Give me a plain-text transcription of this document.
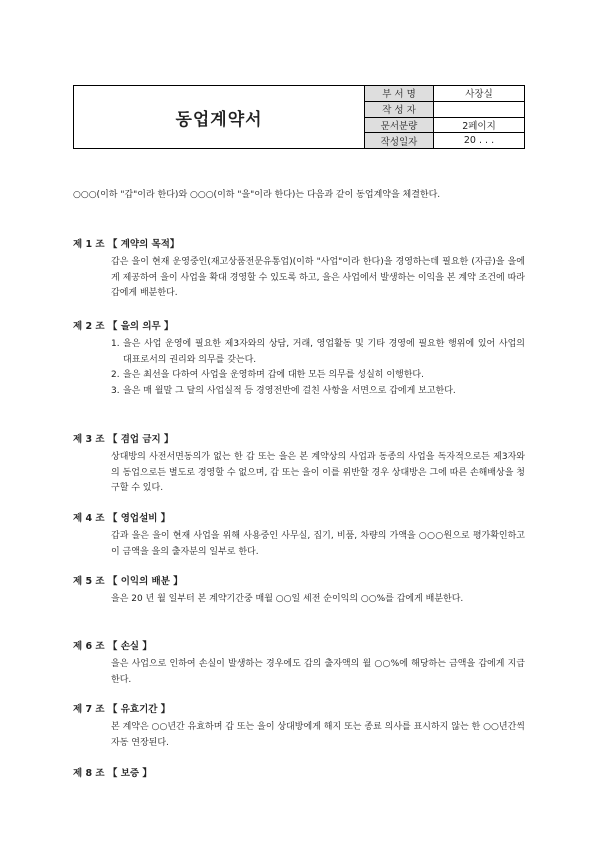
동업계약서
부 서 명	사장실
작 성 자
문서분량	2페이지
작성일자	20 . . .
○○○(이하 "갑"이라 한다)와 ○○○(이하 "을"이라 한다)는 다음과 같이 동업계약을 체결한다.
제 1 조 【 계약의 목적】
갑은 을이 현재 운영중인(재고상품전문유통업)(이하 "사업"이라 한다)을 경영하는데 필요한 (자금)을 을에게 제공하여 을이 사업을 확대 경영할 수 있도록 하고, 을은 사업에서 발생하는 이익을 본 계약 조건에 따라 갑에게 배분한다.
제 2 조 【 을의 의무 】
1. 을은 사업 운영에 필요한 제3자와의 상담, 거래, 영업활동 및 기타 경영에 필요한 행위에 있어 사업의 대표로서의 권리와 의무를 갖는다.
2. 을은 최선을 다하여 사업을 운영하며 갑에 대한 모든 의무를 성실히 이행한다.
3. 을은 매 월말 그 달의 사업실적 등 경영전반에 걸친 사항을 서면으로 갑에게 보고한다.
제 3 조 【 겸업 금지 】
상대방의 사전서면동의가 없는 한 갑 또는 을은 본 계약상의 사업과 동종의 사업을 독자적으로든 제3자와의 동업으로든 별도로 경영할 수 없으며, 갑 또는 을이 이를 위반할 경우 상대방은 그에 따른 손해배상을 청구할 수 있다.
제 4 조 【 영업설비 】
갑과 을은 을이 현재 사업을 위해 사용중인 사무실, 집기, 비품, 차량의 가액을 ○○○원으로 평가확인하고 이 금액을 을의 출자분의 일부로 한다.
제 5 조 【 이익의 배분 】
을은 20 년 월 일부터 본 계약기간중 매월 ○○일 세전 순이익의 ○○%를 갑에게 배분한다.
제 6 조 【 손실 】
을은 사업으로 인하여 손실이 발생하는 경우에도 갑의 출자액의 월 ○○%에 해당하는 금액을 갑에게 지급한다.
제 7 조 【 유효기간 】
본 계약은 ○○년간 유효하며 갑 또는 을이 상대방에게 해지 또는 종료 의사를 표시하지 않는 한 ○○년간씩 자동 연장된다.
제 8 조 【 보증 】
